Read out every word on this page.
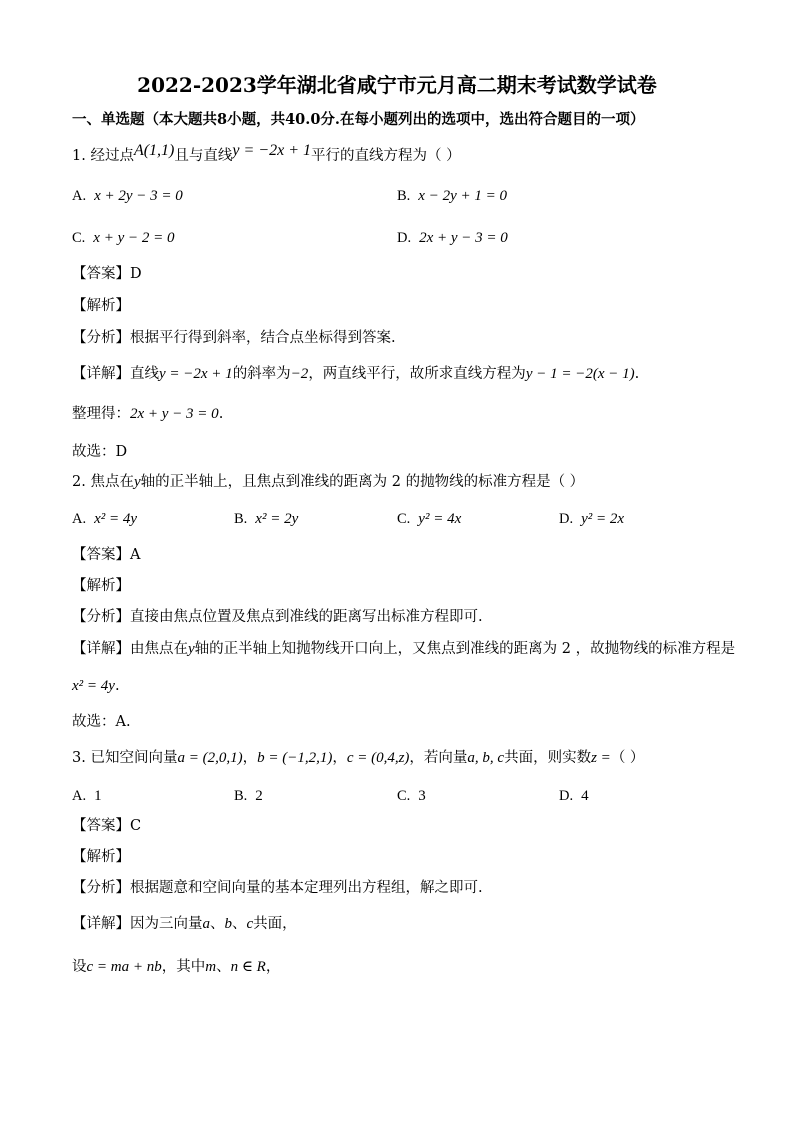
2022-2023学年湖北省咸宁市元月高二期末考试数学试卷
一、单选题（本大题共8小题，共40.0分.在每小题列出的选项中，选出符合题目的一项）
1. 经过点A(1,1)且与直线y = −2x + 1平行的直线方程为（ ）
A. x + 2y − 3 = 0	B. x − 2y + 1 = 0
C. x + y − 2 = 0	D. 2x + y − 3 = 0
【答案】D
【解析】
【分析】根据平行得到斜率，结合点坐标得到答案.
【详解】直线y = −2x + 1的斜率为−2，两直线平行，故所求直线方程为y − 1 = −2(x − 1).
整理得：2x + y − 3 = 0.
故选：D
2. 焦点在y轴的正半轴上，且焦点到准线的距离为 2 的抛物线的标准方程是（ ）
A. x² = 4y	B. x² = 2y	C. y² = 4x	D. y² = 2x
【答案】A
【解析】
【分析】直接由焦点位置及焦点到准线的距离写出标准方程即可.
【详解】由焦点在y轴的正半轴上知抛物线开口向上，又焦点到准线的距离为 2 ，故抛物线的标准方程是
x² = 4y.
故选：A.
3. 已知空间向量a = (2,0,1)，b = (−1,2,1)，c = (0,4,z)，若向量a, b, c共面，则实数z =（ ）
A. 1	B. 2	C. 3	D. 4
【答案】C
【解析】
【分析】根据题意和空间向量的基本定理列出方程组，解之即可.
【详解】因为三向量a、b、c共面，
设c = ma + nb，其中m、n ∈ R，
